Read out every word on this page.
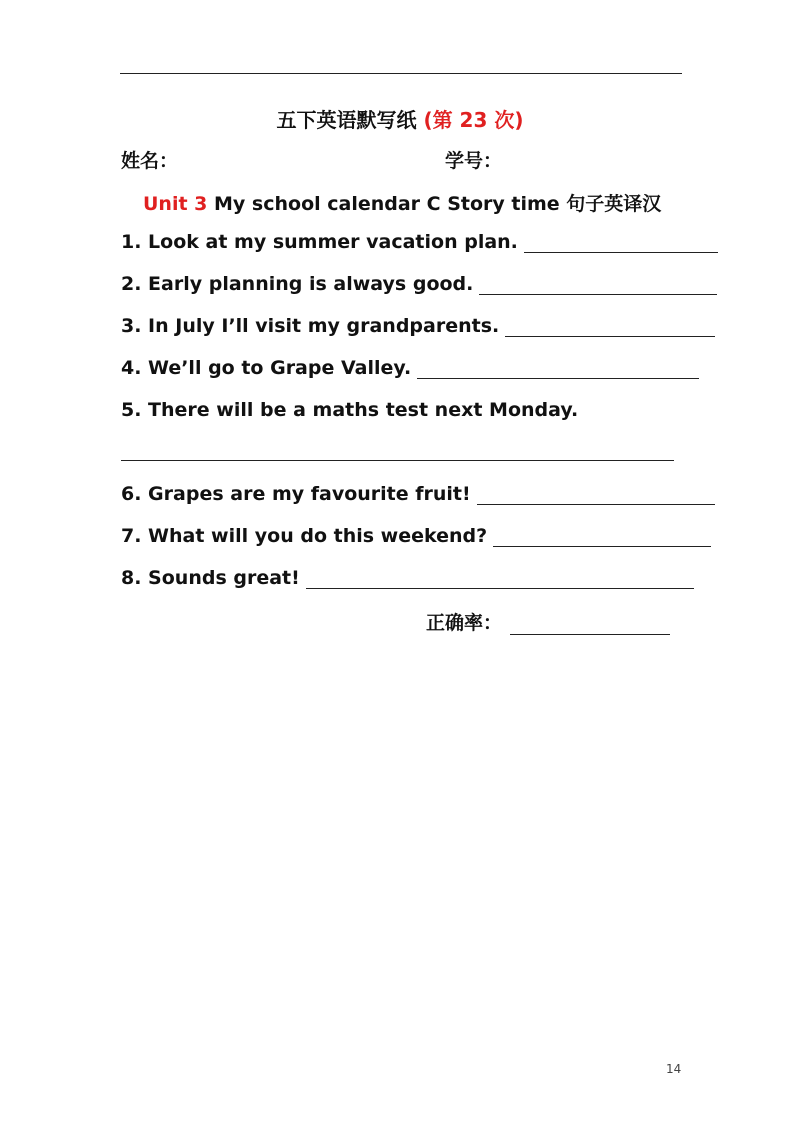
五下英语默写纸 (第 23 次)
姓名：	学号：
Unit 3 My school calendar C Story time 句子英译汉
1. Look at my summer vacation plan.
2. Early planning is always good.
3. In July I’ll visit my grandparents.
4. We’ll go to Grape Valley.
5. There will be a maths test next Monday.
6. Grapes are my favourite fruit!
7. What will you do this weekend?
8. Sounds great!
正确率：
14
